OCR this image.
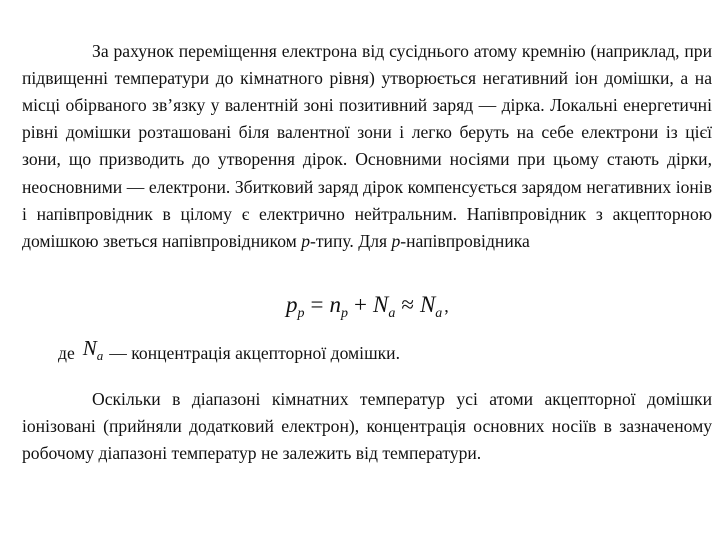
За рахунок переміщення електрона від сусіднього атому кремнію (наприклад, при підвищенні температури до кімнатного рівня) утворюється негативний іон домішки, а на місці обірваного зв’язку у валентній зоні позитивний заряд — дірка. Локальні енергетичні рівні домішки розташовані біля валентної зони і легко беруть на себе електрони із цієї зони, що призводить до утворення дірок. Основними носіями при цьому стають дірки, неосновними — електрони. Збитковий заряд дірок компенсується зарядом негативних іонів і напівпровідник в цілому є електрично нейтральним. Напівпровідник з акцепторною домішкою зветься напівпровідником p-типу. Для p-напівпровідника

$p_p = n_p + N_a \approx N_a$ ,
де $N_a$ — концентрація акцепторної домішки.

Оскільки в діапазоні кімнатних температур усі атоми акцепторної домішки іонізовані (прийняли додатковий електрон), концентрація основних носіїв в зазначеному робочому діапазоні температур не залежить від температури.
